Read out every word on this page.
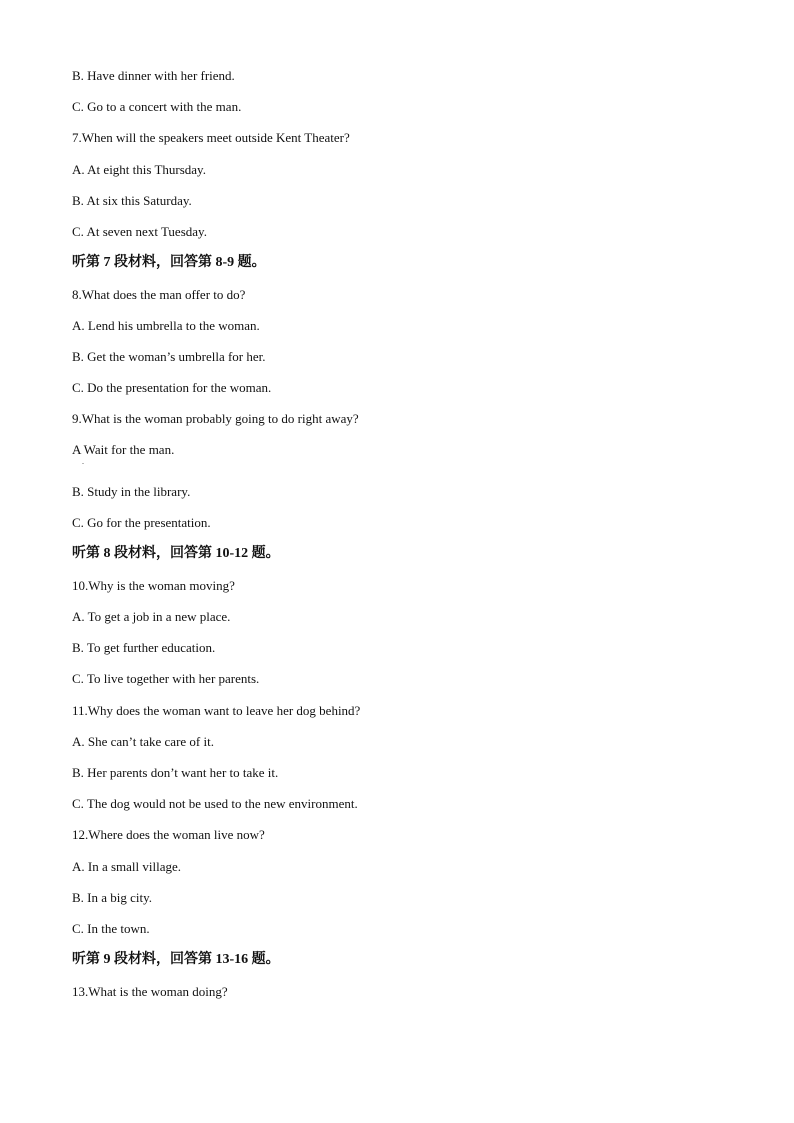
B. Have dinner with her friend.
C. Go to a concert with the man.
7.When will the speakers meet outside Kent Theater?
A. At eight this Thursday.
B. At six this Saturday.
C. At seven next Tuesday.
听第 7 段材料，回答第 8-9 题。
8.What does the man offer to do?
A. Lend his umbrella to the woman.
B. Get the woman’s umbrella for her.
C. Do the presentation for the woman.
9.What is the woman probably going to do right away?
A Wait for the man.
B. Study in the library.
C. Go for the presentation.
听第 8 段材料，回答第 10-12 题。
10.Why is the woman moving?
A. To get a job in a new place.
B. To get further education.
C. To live together with her parents.
11.Why does the woman want to leave her dog behind?
A. She can’t take care of it.
B. Her parents don’t want her to take it.
C. The dog would not be used to the new environment.
12.Where does the woman live now?
A. In a small village.
B. In a big city.
C. In the town.
听第 9 段材料，回答第 13-16 题。
13.What is the woman doing?
.
